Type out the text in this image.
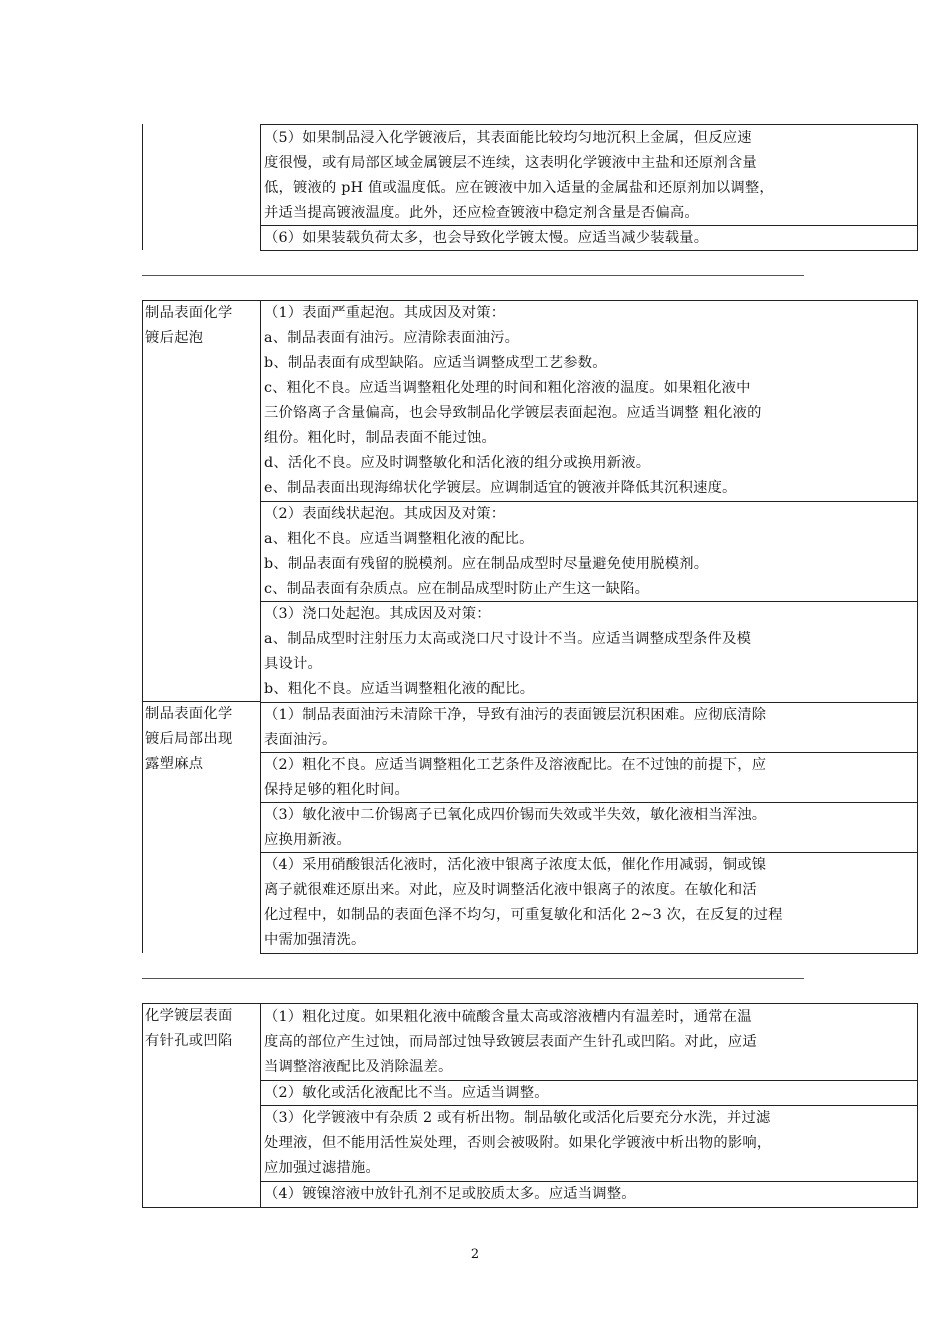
（5）如果制品浸入化学镀液后，其表面能比较均匀地沉积上金属，但反应速

度很慢，或有局部区域金属镀层不连续，这表明化学镀液中主盐和还原剂含量

低，镀液的 pH 值或温度低。应在镀液中加入适量的金属盐和还原剂加以调整，

并适当提高镀液温度。此外，还应检查镀液中稳定剂含量是否偏高。

（6）如果装载负荷太多，也会导致化学镀太慢。应适当减少装载量。

制品表面化学
镀后起泡

（1）表面严重起泡。其成因及对策：

a、制品表面有油污。应清除表面油污。

b、制品表面有成型缺陷。应适当调整成型工艺参数。

c、粗化不良。应适当调整粗化处理的时间和粗化溶液的温度。如果粗化液中

三价铬离子含量偏高，也会导致制品化学镀层表面起泡。应适当调整 粗化液的

组份。粗化时，制品表面不能过蚀。

d、活化不良。应及时调整敏化和活化液的组分或换用新液。

e、制品表面出现海绵状化学镀层。应调制适宜的镀液并降低其沉积速度。

（2）表面线状起泡。其成因及对策：

a、粗化不良。应适当调整粗化液的配比。

b、制品表面有残留的脱模剂。应在制品成型时尽量避免使用脱模剂。

c、制品表面有杂质点。应在制品成型时防止产生这一缺陷。

（3）浇口处起泡。其成因及对策：

a、制品成型时注射压力太高或浇口尺寸设计不当。应适当调整成型条件及模

具设计。

b、粗化不良。应适当调整粗化液的配比。

制品表面化学
镀后局部出现
露塑麻点

（1）制品表面油污未清除干净，导致有油污的表面镀层沉积困难。应彻底清除

表面油污。

（2）粗化不良。应适当调整粗化工艺条件及溶液配比。在不过蚀的前提下，应

保持足够的粗化时间。

（3）敏化液中二价锡离子已氧化成四价锡而失效或半失效，敏化液相当浑浊。

应换用新液。

（4）采用硝酸银活化液时，活化液中银离子浓度太低，催化作用减弱，铜或镍

离子就很难还原出来。对此，应及时调整活化液中银离子的浓度。在敏化和活

化过程中，如制品的表面色泽不均匀，可重复敏化和活化 2~3 次，在反复的过程

中需加强清洗。

化学镀层表面
有针孔或凹陷

（1）粗化过度。如果粗化液中硫酸含量太高或溶液槽内有温差时，通常在温

度高的部位产生过蚀，而局部过蚀导致镀层表面产生针孔或凹陷。对此，应适

当调整溶液配比及消除温差。

（2）敏化或活化液配比不当。应适当调整。

（3）化学镀液中有杂质 2 或有析出物。制品敏化或活化后要充分水洗，并过滤

处理液，但不能用活性炭处理，否则会被吸附。如果化学镀液中析出物的影响，

应加强过滤措施。

（4）镀镍溶液中放针孔剂不足或胶质太多。应适当调整。

2
